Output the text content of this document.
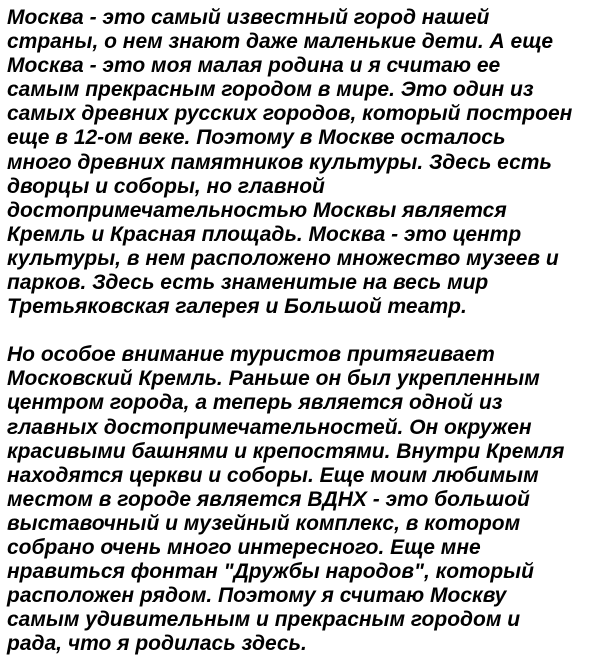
Москва - это самый известный город нашей
страны, о нем знают даже маленькие дети. А еще
Москва - это моя малая родина и я считаю ее
самым прекрасным городом в мире. Это один из
самых древних русских городов, который построен
еще в 12-ом веке. Поэтому в Москве осталось
много древних памятников культуры. Здесь есть
дворцы и соборы, но главной
достопримечательностью Москвы является
Кремль и Красная площадь. Москва - это центр
культуры, в нем расположено множество музеев и
парков. Здесь есть знаменитые на весь мир
Третьяковская галерея и Большой театр.

Но особое внимание туристов притягивает
Московский Кремль. Раньше он был укрепленным
центром города, а теперь является одной из
главных достопримечательностей. Он окружен
красивыми башнями и крепостями. Внутри Кремля
находятся церкви и соборы. Еще моим любимым
местом в городе является ВДНХ - это большой
выставочный и музейный комплекс, в котором
собрано очень много интересного. Еще мне
нравиться фонтан "Дружбы народов", который
расположен рядом. Поэтому я считаю Москву
самым удивительным и прекрасным городом и
рада, что я родилась здесь.
